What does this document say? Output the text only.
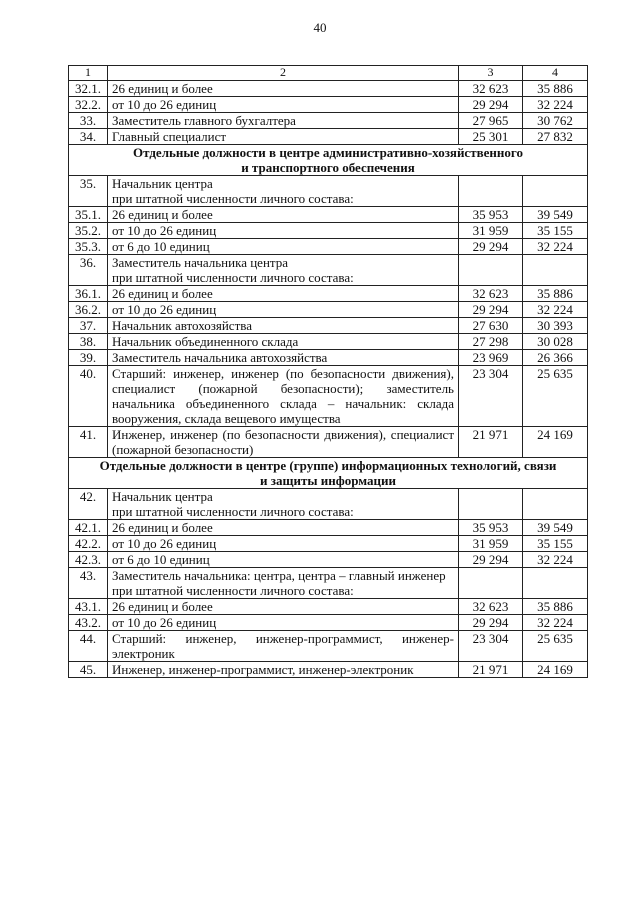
40
1	2	3	4
32.1.	26 единиц и более	32 623	35 886
32.2.	от 10 до 26 единиц	29 294	32 224
33.	Заместитель главного бухгалтера	27 965	30 762
34.	Главный специалист	25 301	27 832

Отдельные должности в центре административно-хозяйственного
и транспортного обеспечения			

35.	Начальник центра
при штатной численности личного состава:		

35.1.	26 единиц и более	35 953	39 549
35.2.	от 10 до 26 единиц	31 959	35 155
35.3.	от 6 до 10 единиц	29 294	32 224
36.	Заместитель начальника центра
при штатной численности личного состава:		

36.1.	26 единиц и более	32 623	35 886
36.2.	от 10 до 26 единиц	29 294	32 224
37.	Начальник автохозяйства	27 630	30 393
38.	Начальник объединенного склада	27 298	30 028
39.	Заместитель начальника автохозяйства	23 969	26 366
40.	Старший: инженер, инженер (по безопасности движения), специалист (пожарной безопасности); заместитель начальника объединенного склада – начальник: склада вооружения, склада вещевого имущества	23 304	25 635
41.	Инженер, инженер (по безопасности движения), специалист (пожарной безопасности)	21 971	24 169

Отдельные должности в центре (группе) информационных технологий, связи
и защиты информации			

42.	Начальник центра
при штатной численности личного состава:		

42.1.	26 единиц и более	35 953	39 549
42.2.	от 10 до 26 единиц	31 959	35 155
42.3.	от 6 до 10 единиц	29 294	32 224
43.	Заместитель начальника: центра, центра – главный инженер
при штатной численности личного состава:		

43.1.	26 единиц и более	32 623	35 886
43.2.	от 10 до 26 единиц	29 294	32 224
44.	Старший: инженер, инженер-программист, инженер-электроник	23 304	25 635
45.	Инженер, инженер-программист, инженер-электроник	21 971	24 169
